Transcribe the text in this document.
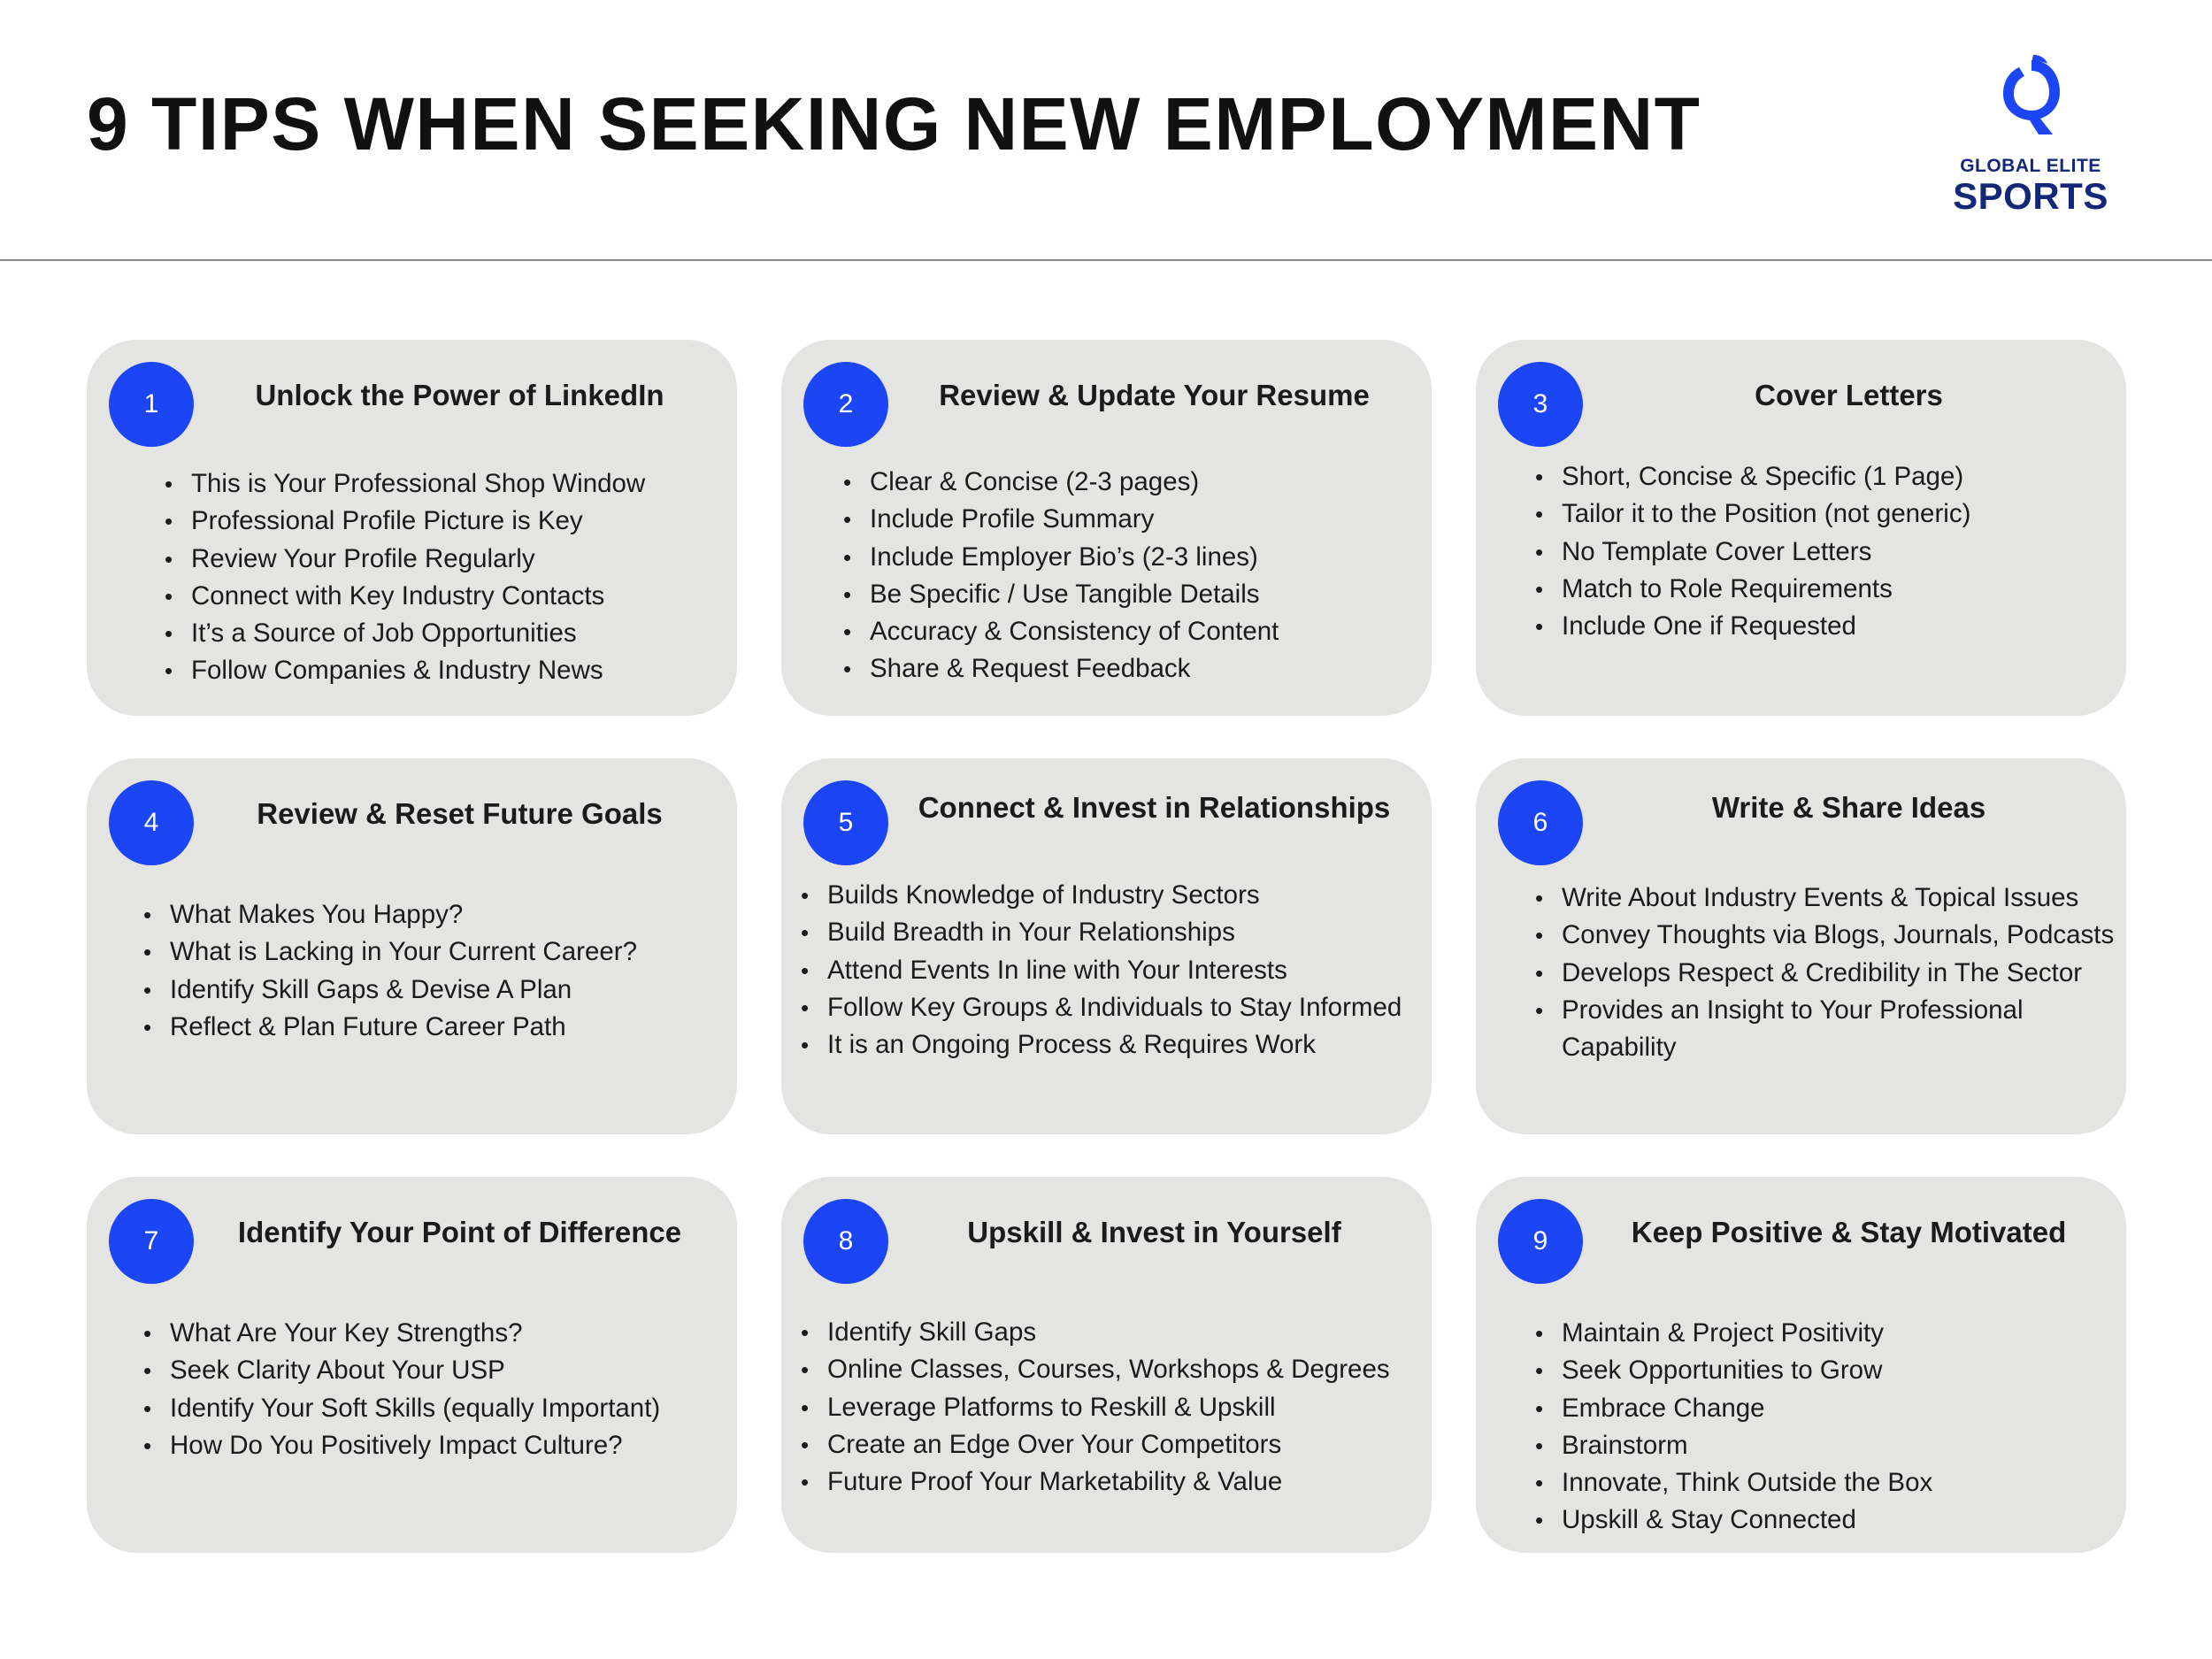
9 TIPS WHEN SEEKING NEW EMPLOYMENT
GLOBAL ELITE
SPORTS
1	Unlock the Power of LinkedIn
• This is Your Professional Shop Window
• Professional Profile Picture is Key
• Review Your Profile Regularly
• Connect with Key Industry Contacts
• It’s a Source of Job Opportunities
• Follow Companies & Industry News
2	Review & Update Your Resume
• Clear & Concise (2-3 pages)
• Include Profile Summary
• Include Employer Bio’s (2-3 lines)
• Be Specific / Use Tangible Details
• Accuracy & Consistency of Content
• Share & Request Feedback
3	Cover Letters
• Short, Concise & Specific (1 Page)
• Tailor it to the Position (not generic)
• No Template Cover Letters
• Match to Role Requirements
• Include One if Requested
4	Review & Reset Future Goals
• What Makes You Happy?
• What is Lacking in Your Current Career?
• Identify Skill Gaps & Devise A Plan
• Reflect & Plan Future Career Path
5	Connect & Invest in Relationships
• Builds Knowledge of Industry Sectors
• Build Breadth in Your Relationships
• Attend Events In line with Your Interests
• Follow Key Groups & Individuals to Stay Informed
• It is an Ongoing Process & Requires Work
6	Write & Share Ideas
• Write About Industry Events & Topical Issues
• Convey Thoughts via Blogs, Journals, Podcasts
• Develops Respect & Credibility in The Sector
• Provides an Insight to Your Professional Capability
7	Identify Your Point of Difference
• What Are Your Key Strengths?
• Seek Clarity About Your USP
• Identify Your Soft Skills (equally Important)
• How Do You Positively Impact Culture?
8	Upskill & Invest in Yourself
• Identify Skill Gaps
• Online Classes, Courses, Workshops & Degrees
• Leverage Platforms to Reskill & Upskill
• Create an Edge Over Your Competitors
• Future Proof Your Marketability & Value
9	Keep Positive & Stay Motivated
• Maintain & Project Positivity
• Seek Opportunities to Grow
• Embrace Change
• Brainstorm
• Innovate, Think Outside the Box
• Upskill & Stay Connected
